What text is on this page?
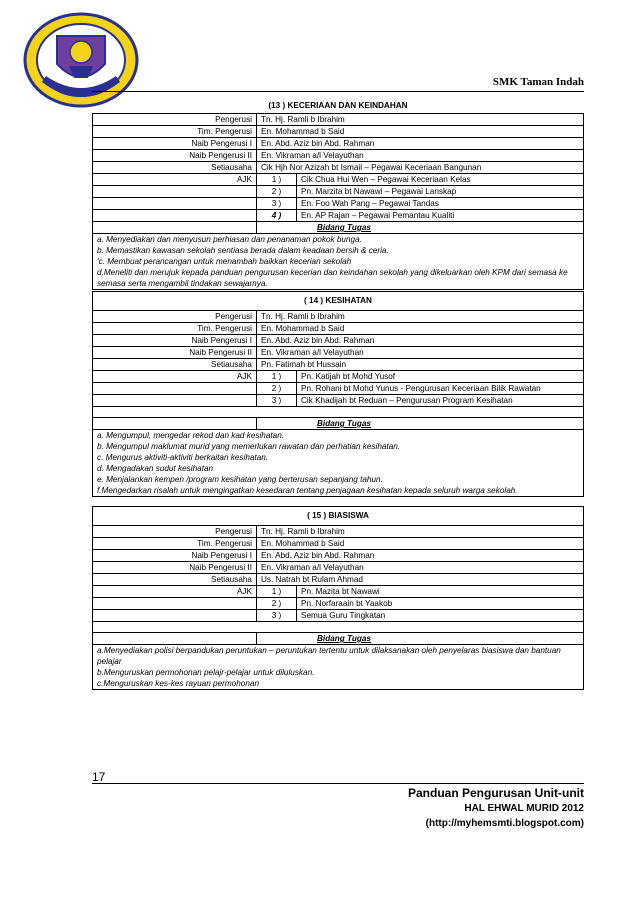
SMK Taman Indah
(13 ) KECERIAAN DAN KEINDAHAN		
Pengerusi	Tn. Hj. Ramli b Ibrahim	
Tim. Pengerusi	En. Mohammad b Said	
Naib Pengerusi I	En. Abd. Aziz bin Abd. Rahman	
Naib Pengerusi II	En. Vikraman a/l Velayuthan	
Setiausaha	Cik Hjh Nor Azizah bt Ismail – Pegawai Keceriaan Bangunan	
AJK	1 )	Cik Chua Hui Wen – Pegawai Keceriaan Kelas
	2 )	Pn. Marzita bt Nawawi – Pegawai Lanskap
	3 )	En. Foo Wah Pang – Pegawai Tandas
	4 )	En. AP Rajan – Pegawai Pemantau Kualiti
	Bidang Tugas	
a. Menyediakan dan menyusun perhiasan dan penanaman pokok bunga.
b. Memastikan kawasan sekolah sentiasa berada dalam keadaan bersih & ceria.
'c. Membuat perancangan untuk menambah baikkan kecerian sekolah
d.Meneliti dan merujuk kepada panduan pengurusan kecerian dan keindahan sekolah yang dikeluarkan oleh KPM dari semasa ke semasa serta mengambil tindakan sewajarnya.
( 14 ) KESIHATAN		
Pengerusi	Tn. Hj. Ramli b Ibrahim	
Tim. Pengerusi	En. Mohammad b Said	
Naib Pengerusi I	En. Abd. Aziz bin Abd. Rahman	
Naib Pengerusi II	En. Vikraman a/l Velayuthan	
Setiausaha	Pn. Fatimah bt Hussain	
AJK	1 )	Pn. Katijah bt Mohd Yusof
	2 )	Pn. Rohani bt Mohd Yunus - Pengurusan Keceriaan Bilik Rawatan
	3 )	Cik Khadijah bt Reduan – Pengurusan Program Kesihatan

	Bidang Tugas	
a. Mengumpul, mengedar rekod dan kad kesihatan.
b. Mengumpul maklumat murid yang memerlukan rawatan dan perhatian kesihatan.
c. Mengurus aktiviti-aktiviti berkaitan kesihatan.
d. Mengadakan sudut kesihatan
e. Menjalankan kempen /program kesihatan yang berterusan sepanjang tahun.
f.Mengedarkan risalah untuk mengingatkan kesedaran tentang penjagaan kesihatan kepada seluruh warga sekolah.
( 15 ) BIASISWA		
Pengerusi	Tn. Hj. Ramli b Ibrahim	
Tim. Pengerusi	En. Mohammad b Said	
Naib Pengerusi I	En. Abd. Aziz bin Abd. Rahman	
Naib Pengerusi II	En. Vikraman a/l Velayuthan	
Setiausaha	Us. Natrah bt Rulam Ahmad	
AJK	1 )	Pn. Mazita bt Nawawi
	2 )	Pn. Norfaraain bt Yaakob
	3 )	Semua Guru Tingkatan

	Bidang Tugas	
a.Menyediakan polisi berpandukan peruntukan – peruntukan tertentu untuk dilaksanakan oleh penyelaras biasiswa dan bantuan pelajar
b.Menguruskan permohonan pelajr-pelajar untuk diluluskan.
c.Menguruskan kes-kes rayuan permohonan
17
Panduan Pengurusan Unit-unit
HAL EHWAL MURID 2012
(http://myhemsmti.blogspot.com)
